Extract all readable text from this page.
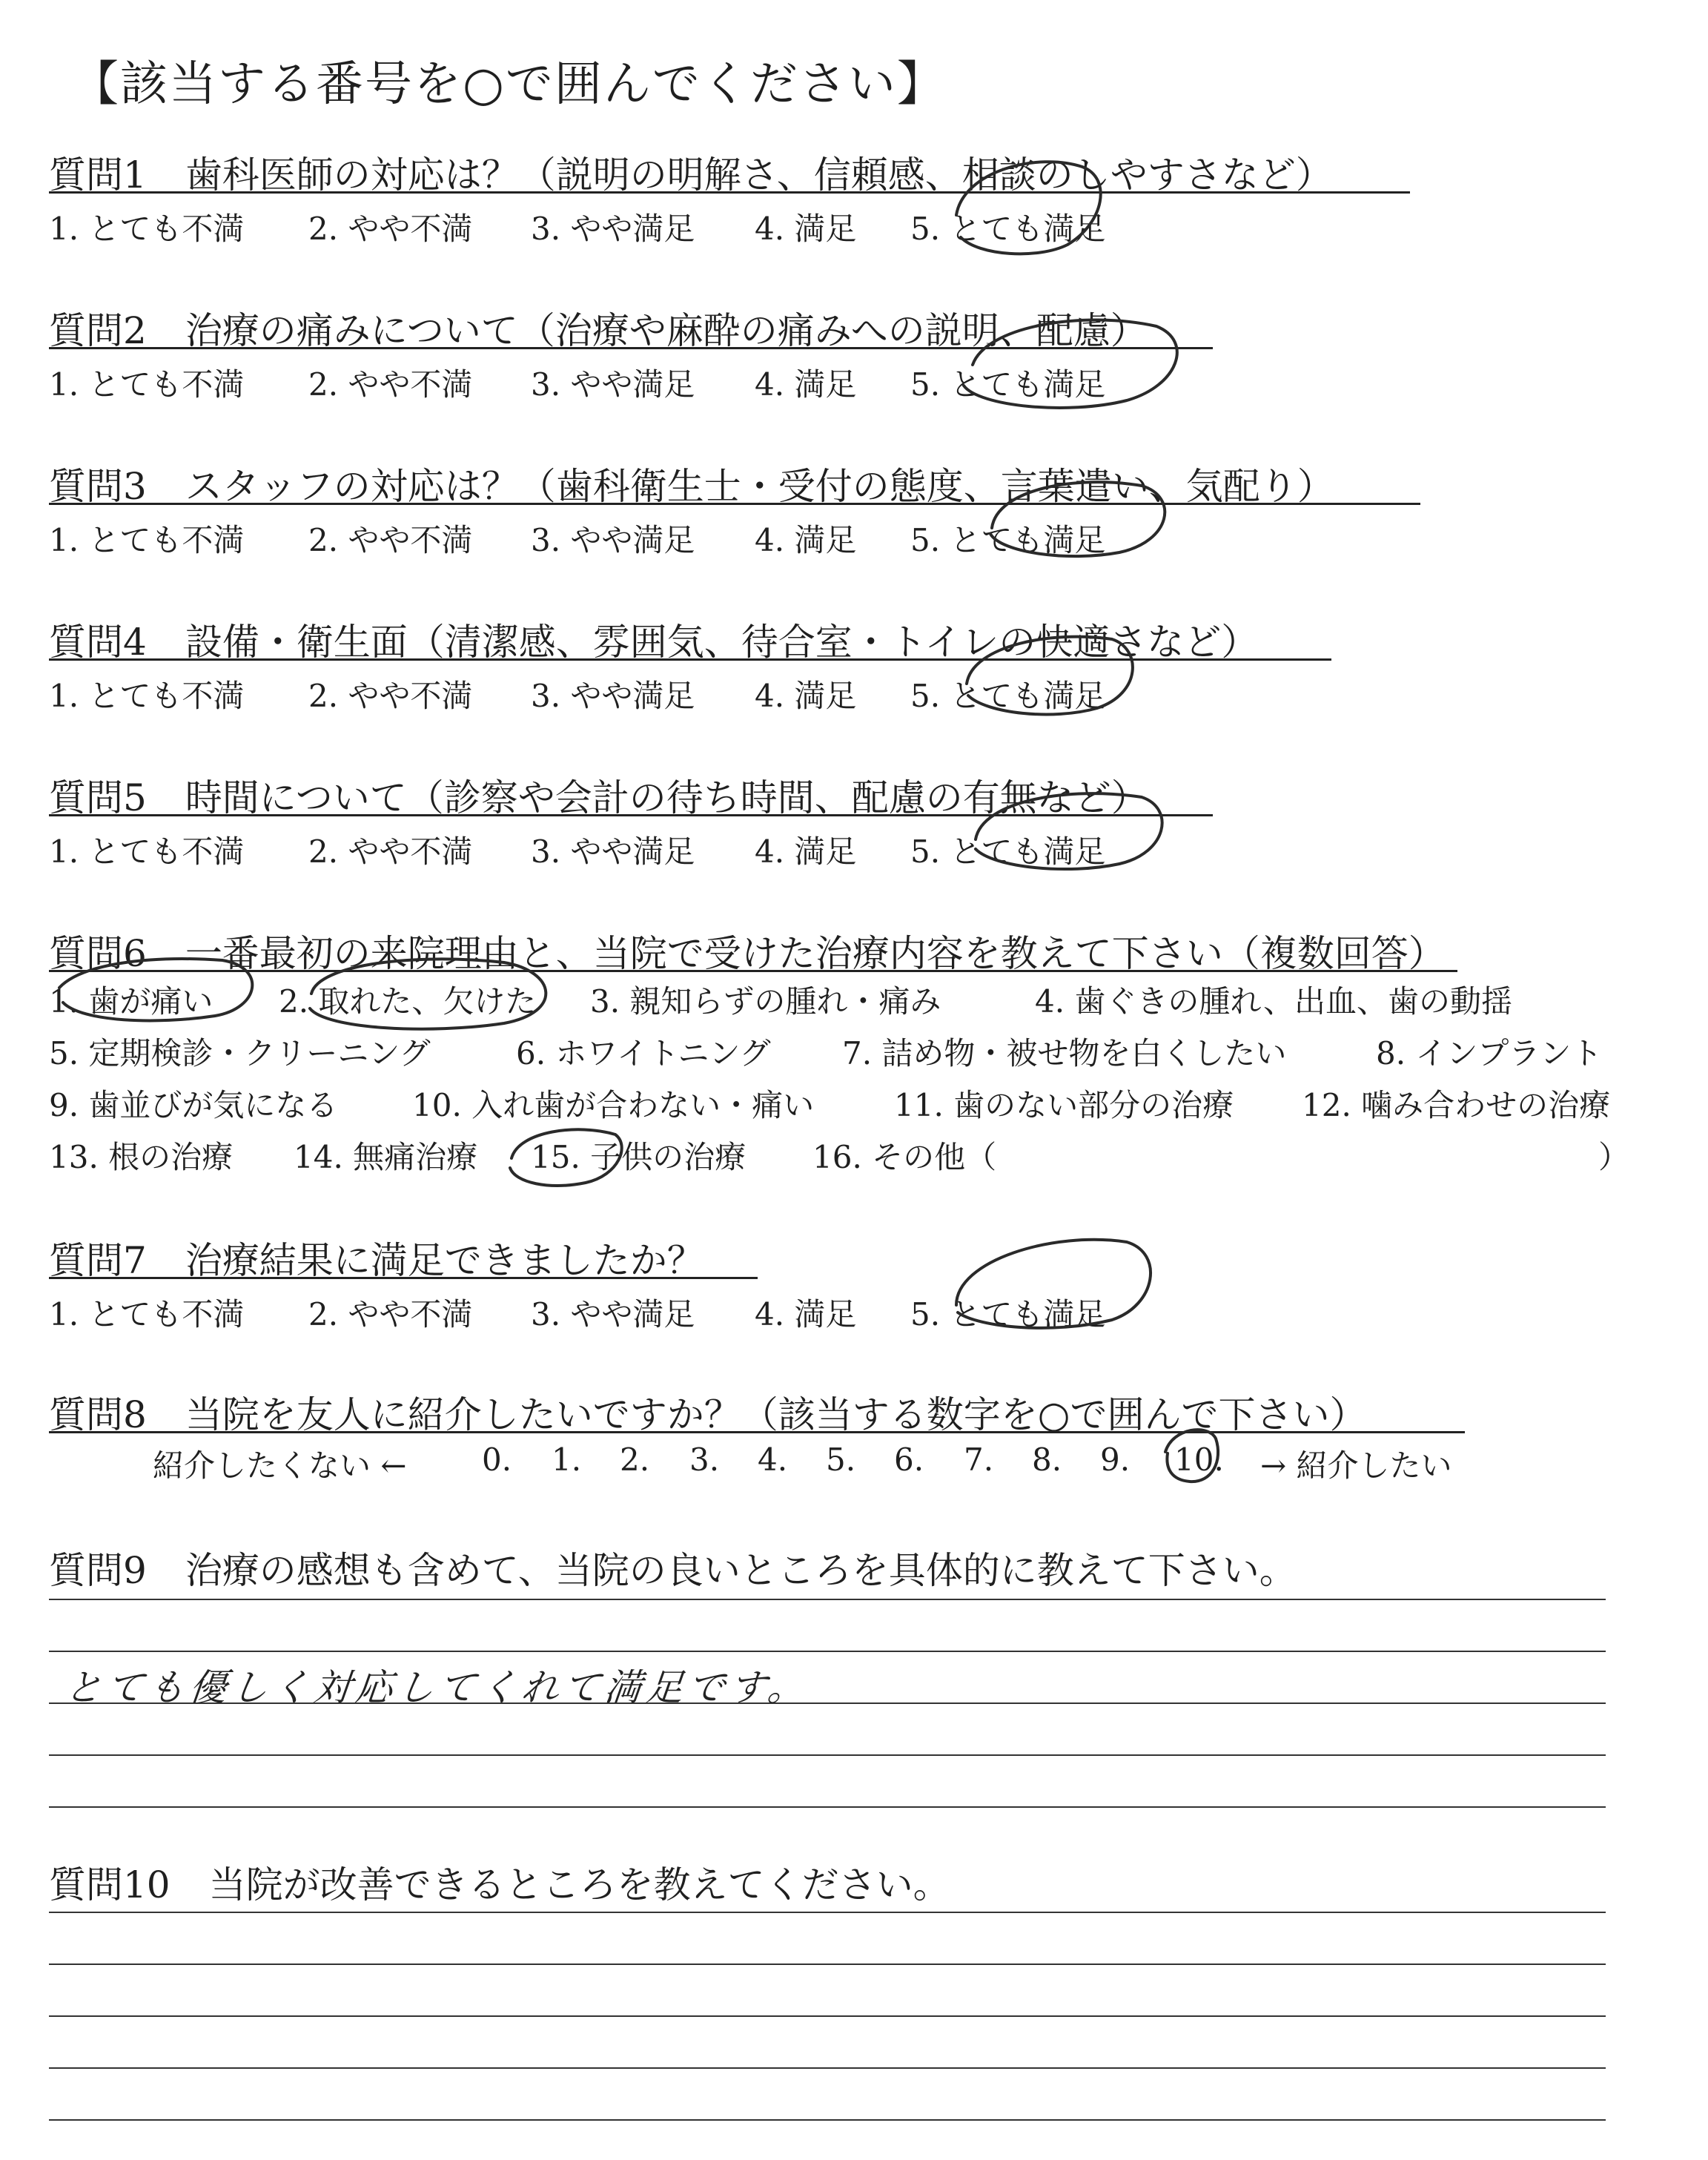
【該当する番号を○で囲んでください】
質問1 歯科医師の対応は？（説明の明解さ、信頼感、相談のしやすさなど）
1. とても不満 2. やや不満 3. やや満足 4. 満足 5. とても満足
質問2 治療の痛みについて（治療や麻酔の痛みへの説明、配慮）
1. とても不満 2. やや不満 3. やや満足 4. 満足 5. とても満足
質問3 スタッフの対応は？（歯科衛生士・受付の態度、言葉遣い、気配り）
1. とても不満 2. やや不満 3. やや満足 4. 満足 5. とても満足
質問4 設備・衛生面（清潔感、雰囲気、待合室・トイレの快適さなど）
1. とても不満 2. やや不満 3. やや満足 4. 満足 5. とても満足
質問5 時間について（診察や会計の待ち時間、配慮の有無など）
1. とても不満 2. やや不満 3. やや満足 4. 満足 5. とても満足
質問6 一番最初の来院理由と、当院で受けた治療内容を教えて下さい（複数回答）
1. 歯が痛い 2. 取れた、欠けた 3. 親知らずの腫れ・痛み	4. 歯ぐきの腫れ、出血、歯の動揺
5. 定期検診・クリーニング	6. ホワイトニング 7. 詰め物・被せ物を白くしたい	8. インプラント
9. 歯並びが気になる 10. 入れ歯が合わない・痛い	11. 歯のない部分の治療 12. 噛み合わせの治療
13. 根の治療 14. 無痛治療 15. 子供の治療 16. その他（	）
質問7 治療結果に満足できましたか？
1. とても不満 2. やや不満 3. やや満足 4. 満足 5. とても満足
質問8 当院を友人に紹介したいですか？（該当する数字を○で囲んで下さい）
紹介したくない ← 0. 1. 2. 3. 4. 5. 6. 7. 8. 9. 10. → 紹介したい
質問9 治療の感想も含めて、当院の良いところを具体的に教えて下さい。
とても優しく対応してくれて満足です。
質問10 当院が改善できるところを教えてください。
